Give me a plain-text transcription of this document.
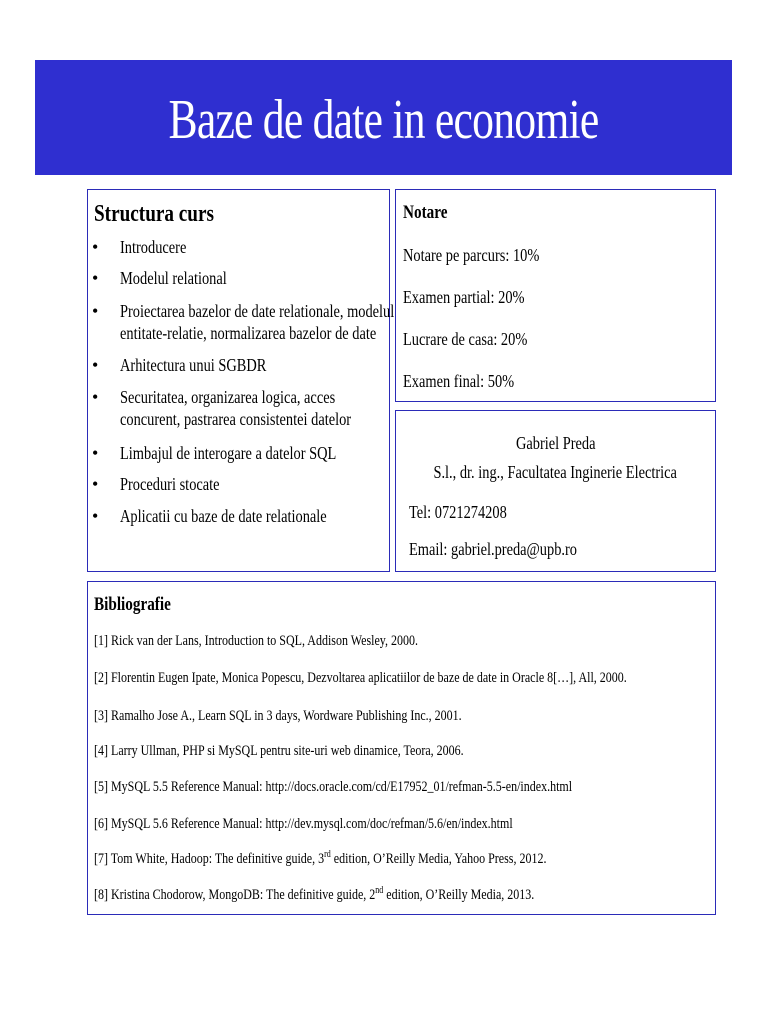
Baze de date in economie
Structura curs
• Introducere
• Modelul relational
• Proiectarea bazelor de date relationale, modelul
entitate-relatie, normalizarea bazelor de date
• Arhitectura unui SGBDR
• Securitatea, organizarea logica, acces
concurent, pastrarea consistentei datelor
• Limbajul de interogare a datelor SQL
• Proceduri stocate
• Aplicatii cu baze de date relationale
Notare
Notare pe parcurs: 10%
Examen partial: 20%
Lucrare de casa: 20%
Examen final: 50%
Gabriel Preda
S.l., dr. ing., Facultatea Inginerie Electrica
Tel: 0721274208
Email: gabriel.preda@upb.ro
Bibliografie
[1] Rick van der Lans, Introduction to SQL, Addison Wesley, 2000.
[2] Florentin Eugen Ipate, Monica Popescu, Dezvoltarea aplicatiilor de baze de date in Oracle 8[…], All, 2000.
[3] Ramalho Jose A., Learn SQL in 3 days, Wordware Publishing Inc., 2001.
[4] Larry Ullman, PHP si MySQL pentru site-uri web dinamice, Teora, 2006.
[5] MySQL 5.5 Reference Manual: http://docs.oracle.com/cd/E17952_01/refman-5.5-en/index.html
[6] MySQL 5.6 Reference Manual: http://dev.mysql.com/doc/refman/5.6/en/index.html
[7] Tom White, Hadoop: The definitive guide, 3rd edition, O’Reilly Media, Yahoo Press, 2012.
[8] Kristina Chodorow, MongoDB: The definitive guide, 2nd edition, O’Reilly Media, 2013.
